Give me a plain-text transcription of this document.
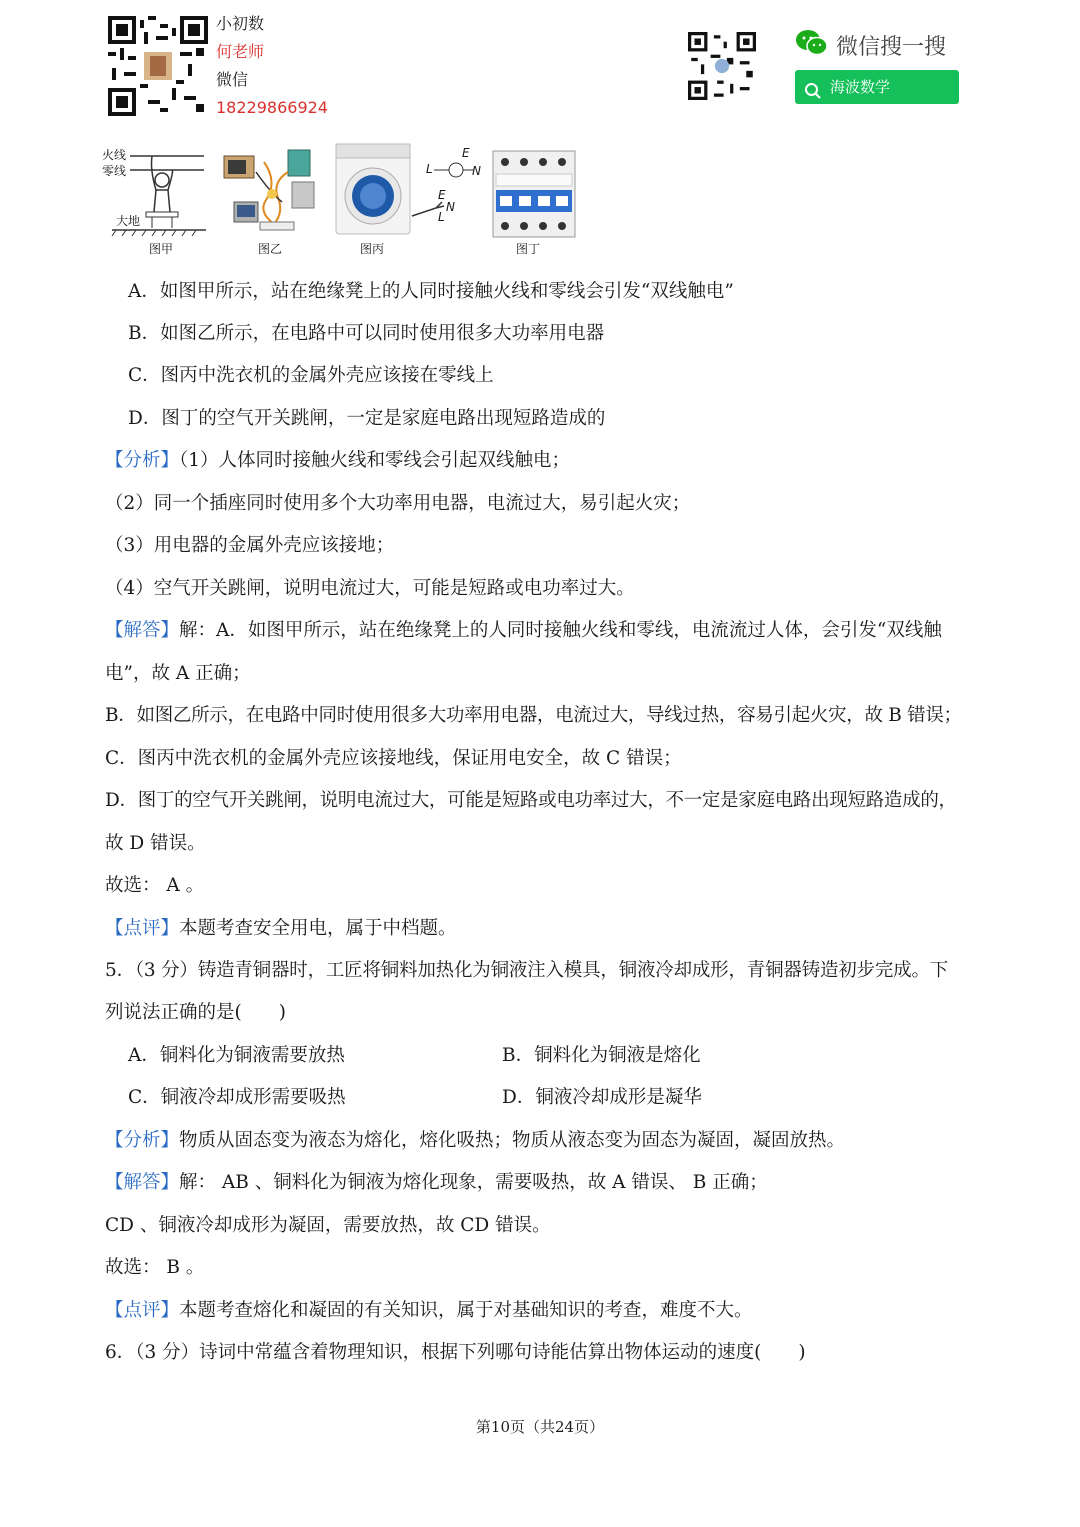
小初数
何老师
微信
18229866924
微信搜一搜
海波数学
火线
零线
大地
图甲	图乙
L
E
N
E
N
L
图丙	图丁
A．如图甲所示，站在绝缘凳上的人同时接触火线和零线会引发“双线触电”
B．如图乙所示，在电路中可以同时使用很多大功率用电器
C．图丙中洗衣机的金属外壳应该接在零线上
D．图丁的空气开关跳闸，一定是家庭电路出现短路造成的
【分析】（1）人体同时接触火线和零线会引起双线触电；
（2）同一个插座同时使用多个大功率用电器，电流过大，易引起火灾；
（3）用电器的金属外壳应该接地；
（4）空气开关跳闸，说明电流过大，可能是短路或电功率过大。
【解答】解：A．如图甲所示，站在绝缘凳上的人同时接触火线和零线，电流流过人体，会引发“双线触
电”，故 A 正确；
B．如图乙所示，在电路中同时使用很多大功率用电器，电流过大，导线过热，容易引起火灾，故 B 错误；
C．图丙中洗衣机的金属外壳应该接地线，保证用电安全，故 C 错误；
D．图丁的空气开关跳闸，说明电流过大，可能是短路或电功率过大，不一定是家庭电路出现短路造成的，
故 D 错误。
故选： A 。
【点评】本题考查安全用电，属于中档题。
5．（3 分）铸造青铜器时，工匠将铜料加热化为铜液注入模具，铜液冷却成形，青铜器铸造初步完成。下
列说法正确的是(　　)
A．铜料化为铜液需要放热	B．铜料化为铜液是熔化
C．铜液冷却成形需要吸热	D．铜液冷却成形是凝华
【分析】物质从固态变为液态为熔化，熔化吸热；物质从液态变为固态为凝固，凝固放热。
【解答】解： AB 、铜料化为铜液为熔化现象，需要吸热，故 A 错误、 B 正确；
CD 、铜液冷却成形为凝固，需要放热，故 CD 错误。
故选： B 。
【点评】本题考查熔化和凝固的有关知识，属于对基础知识的考查，难度不大。
6．（3 分）诗词中常蕴含着物理知识，根据下列哪句诗能估算出物体运动的速度(　　)
第10页（共24页）
